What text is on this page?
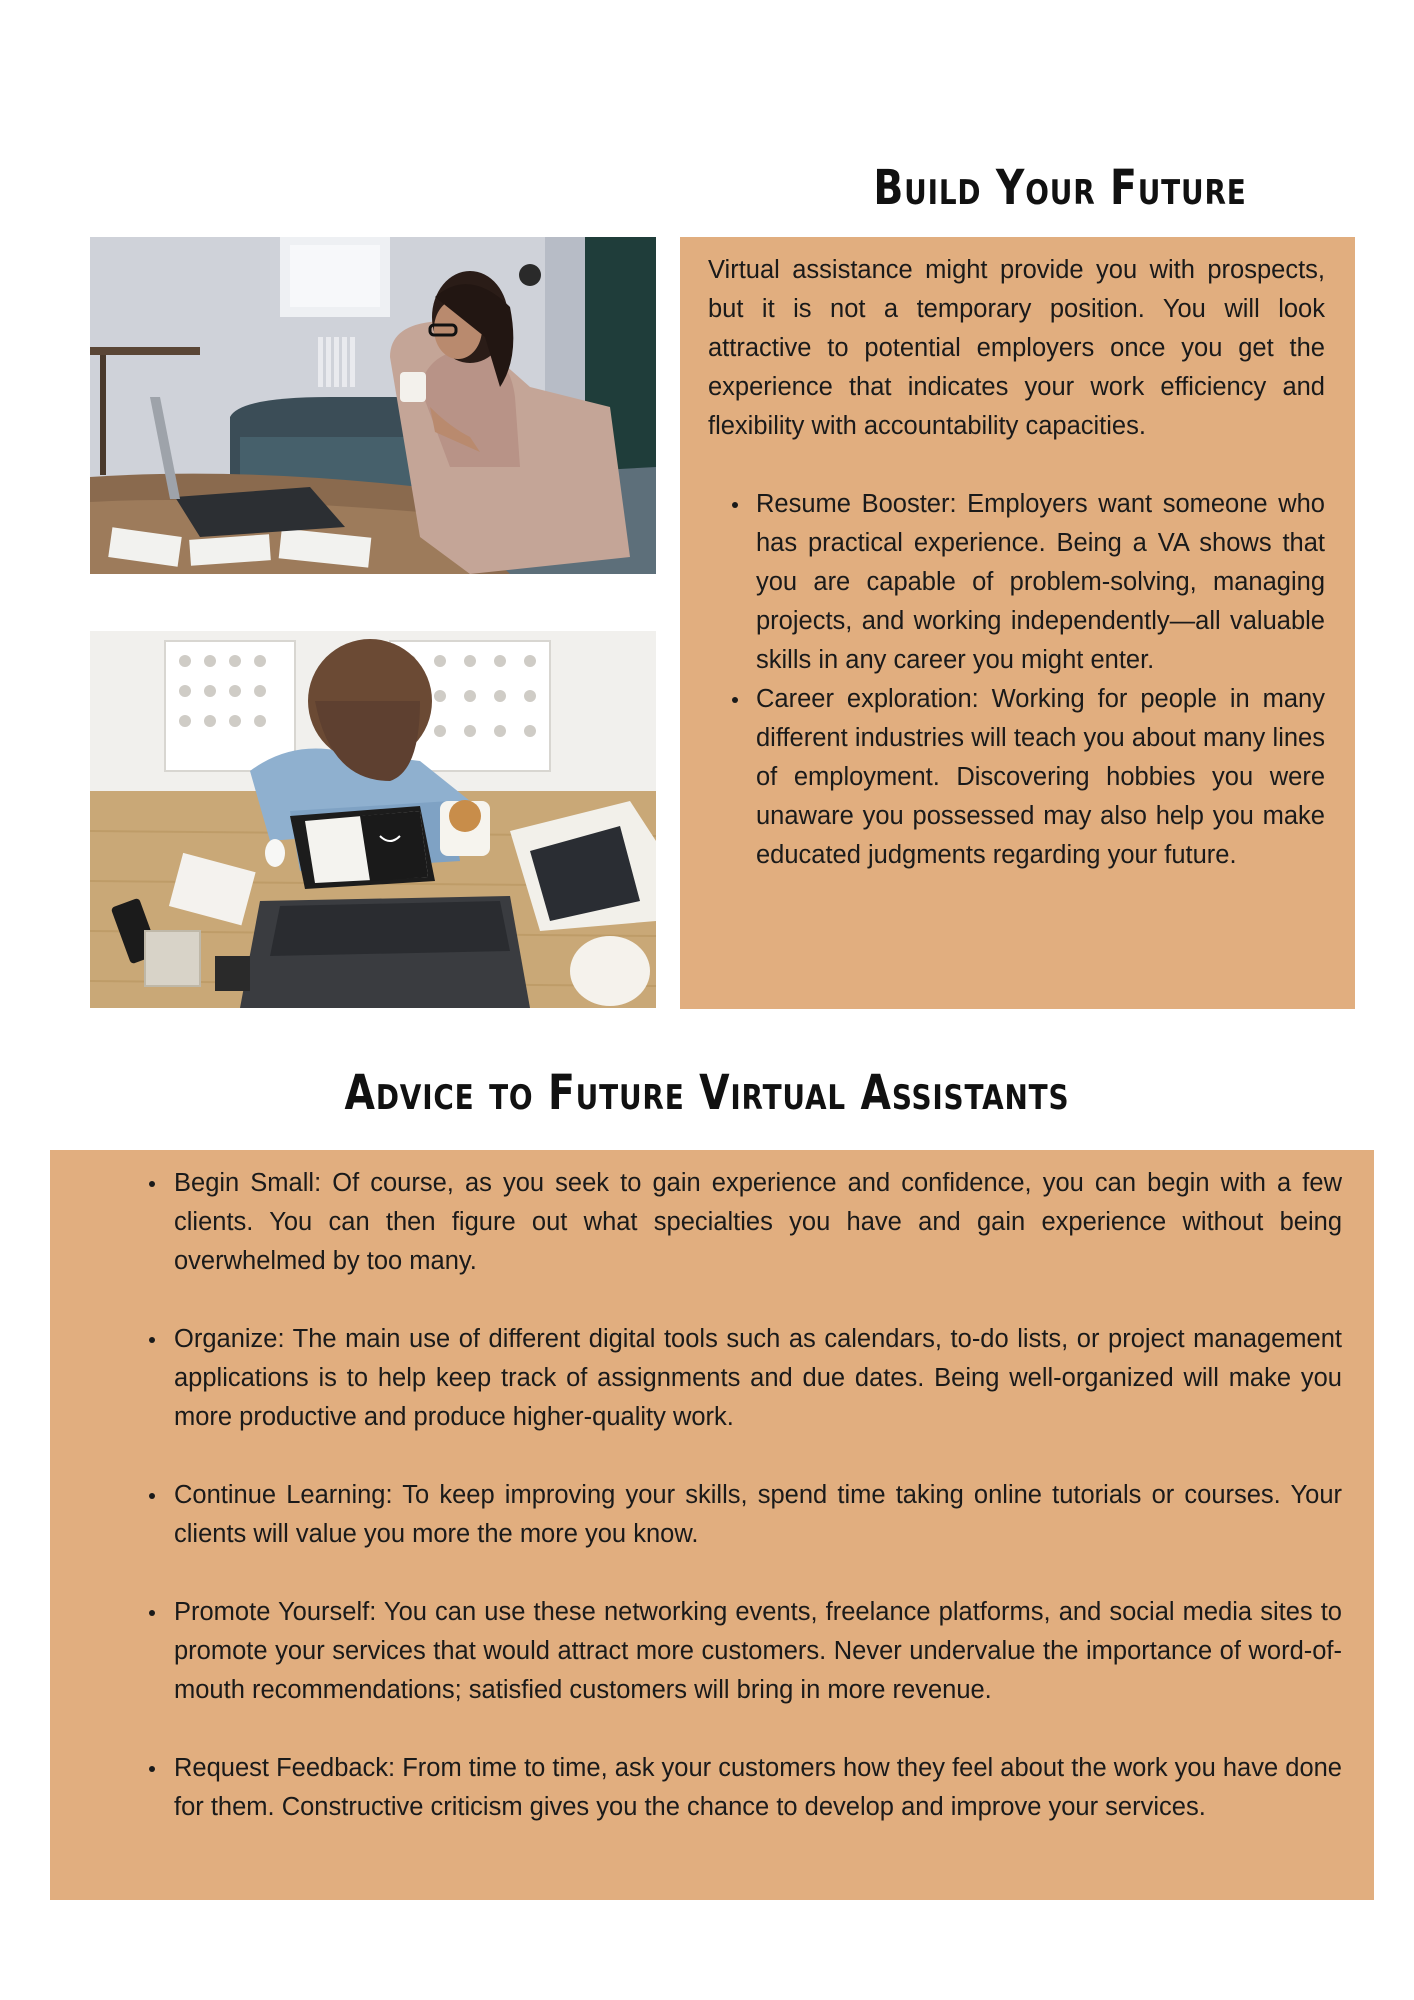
Build Your Future

Virtual assistance might provide you with prospects, but it is not a temporary position. You will look attractive to potential employers once you get the experience that indicates your work efficiency and flexibility with accountability capacities.

Resume Booster: Employers want someone who has practical experience. Being a VA shows that you are capable of problem-solving, managing projects, and working independently—all valuable skills in any career you might enter.
Career exploration: Working for people in many different industries will teach you about many lines of employment. Discovering hobbies you were unaware you possessed may also help you make educated judgments regarding your future.
Advice to Future Virtual Assistants
Begin Small: Of course, as you seek to gain experience and confidence, you can begin with a few clients. You can then figure out what specialties you have and gain experience without being overwhelmed by too many.
Organize: The main use of different digital tools such as calendars, to-do lists, or project management applications is to help keep track of assignments and due dates. Being well-organized will make you more productive and produce higher-quality work.
Continue Learning: To keep improving your skills, spend time taking online tutorials or courses. Your clients will value you more the more you know.
Promote Yourself: You can use these networking events, freelance platforms, and social media sites to promote your services that would attract more customers. Never undervalue the importance of word-of-mouth recommendations; satisfied customers will bring in more revenue.
Request Feedback: From time to time, ask your customers how they feel about the work you have done for them. Constructive criticism gives you the chance to develop and improve your services.
